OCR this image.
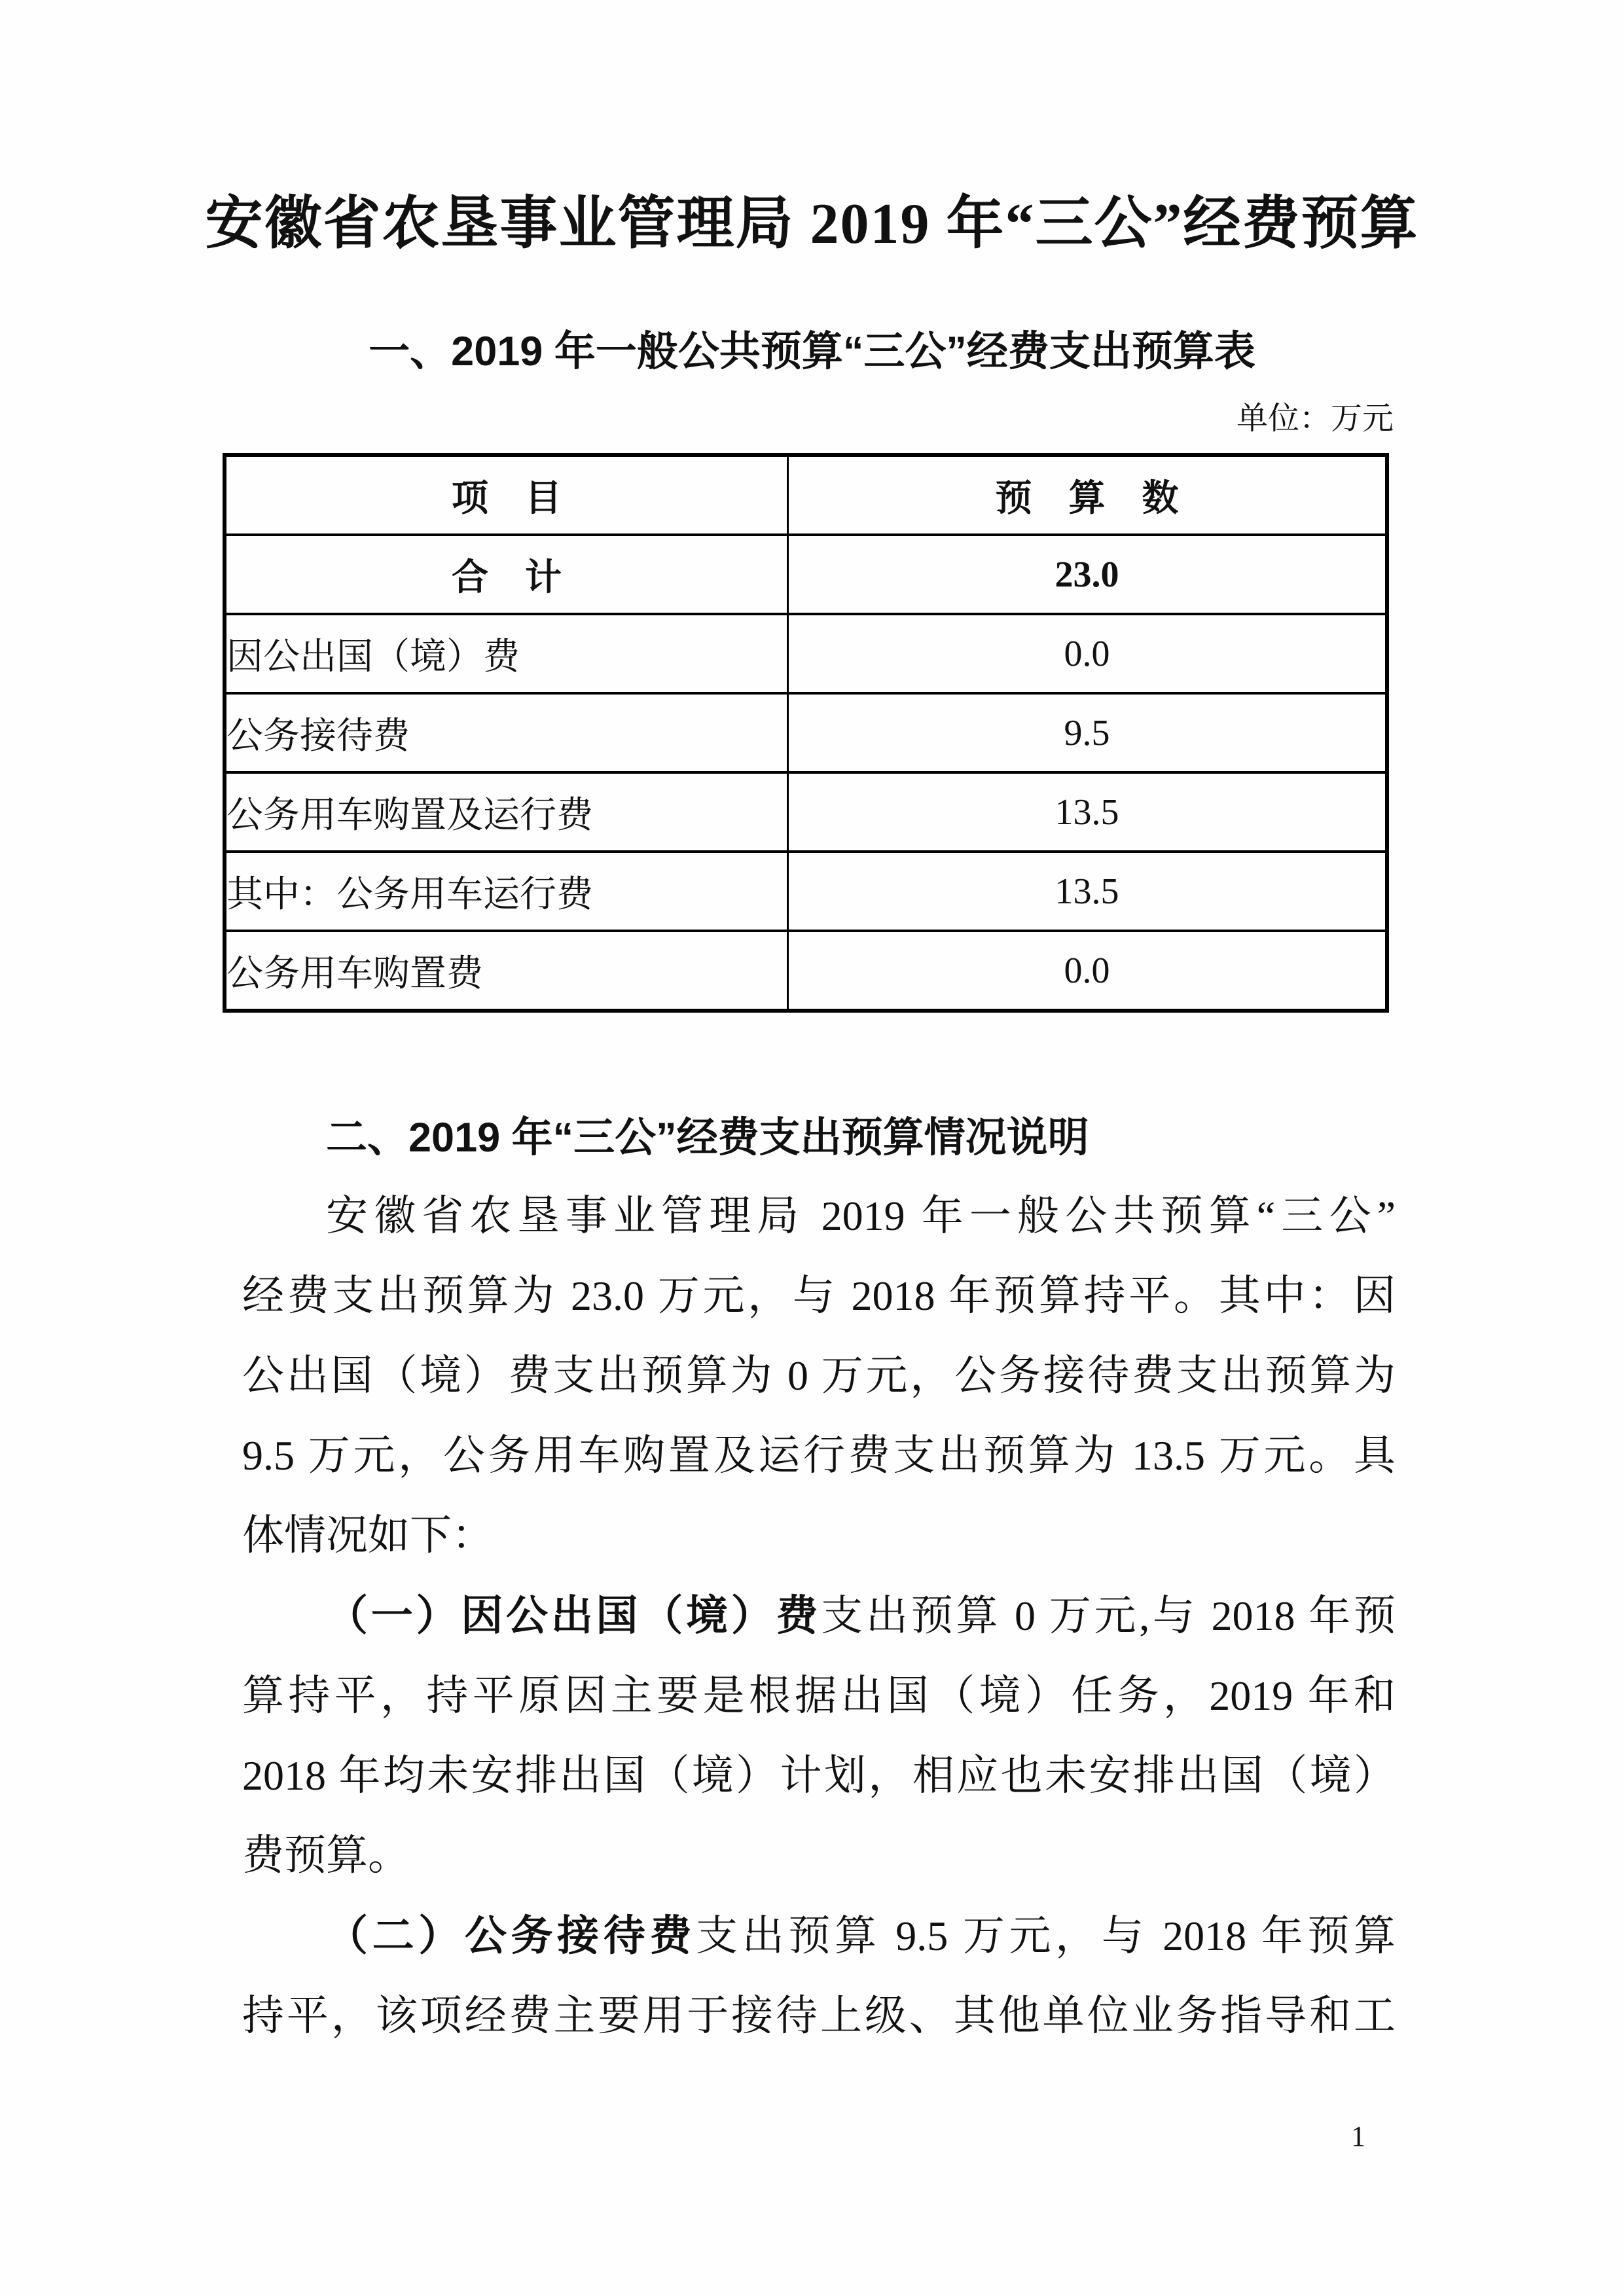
安徽省农垦事业管理局 2019 年“三公”经费预算
一、2019 年一般公共预算“三公”经费支出预算表
单位：万元
项　目	预　算　数
合　计	23.0
因公出国（境）费	0.0
公务接待费	9.5
公务用车购置及运行费	13.5
其中：公务用车运行费	13.5
公务用车购置费	0.0
二、2019 年“三公”经费支出预算情况说明
安徽省农垦事业管理局 2019 年一般公共预算“三公”
经费支出预算为 23.0 万元，与 2018 年预算持平。其中：因
公出国（境）费支出预算为 0 万元，公务接待费支出预算为
9.5 万元，公务用车购置及运行费支出预算为 13.5 万元。具
体情况如下：
（一）因公出国（境）费支出预算 0 万元,与 2018 年预
算持平，持平原因主要是根据出国（境）任务，2019 年和
2018 年均未安排出国（境）计划，相应也未安排出国（境）
费预算。
（二）公务接待费支出预算 9.5 万元，与 2018 年预算
持平，该项经费主要用于接待上级、其他单位业务指导和工
1
